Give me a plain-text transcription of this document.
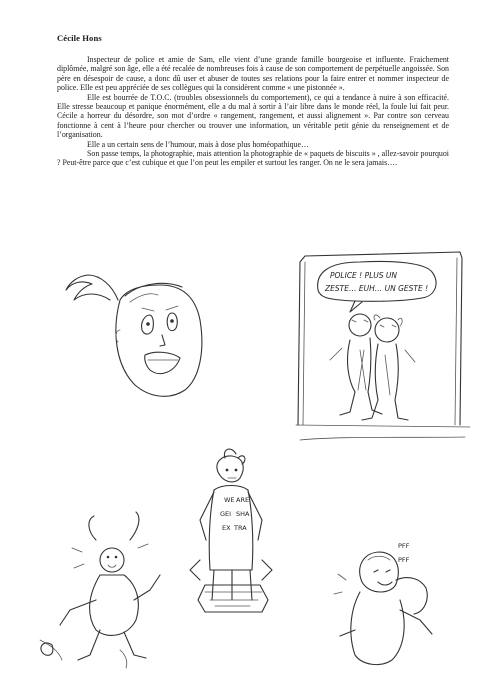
Cécile Hons

Inspecteur de police et amie de Sam, elle vient d’une grande famille bourgeoise et influente. Fraichement diplômée, malgré son âge, elle a été recalée de nombreuses fois à cause de son comportement de perpétuelle angoissée. Son père en désespoir de cause, a donc dû user et abuser de toutes ses relations pour la faire entrer et nommer inspecteur de police. Elle est peu appréciée de ses collègues qui la considèrent comme « une pistonnée ».

Elle est bourrée de T.O.C. (troubles obsessionnels du comportement), ce qui a tendance à nuire à son efficacité. Elle stresse beaucoup et panique énormément, elle a du mal à sortir à l’air libre dans le monde réel, la foule lui fait peur. Cécile a horreur du désordre, son mot d’ordre « rangement, rangement, et aussi alignement ». Par contre son cerveau fonctionne à cent à l’heure pour chercher ou trouver une information, un véritable petit génie du renseignement et de l’organisation.

Elle a un certain sens de l’humour, mais à dose plus homéopathique…

Son passe temps, la photographie, mais attention la photographie de « paquets de biscuits » , allez-savoir pourquoi ? Peut-être parce que c’est cubique et que l’on peut les empiler et surtout les ranger. On ne le sera jamais….

POLICE ! PLUS UN
ZESTE… EUH… UN GESTE !
WE ARE
GEI SHA
EX TRA
PFF
PFF
